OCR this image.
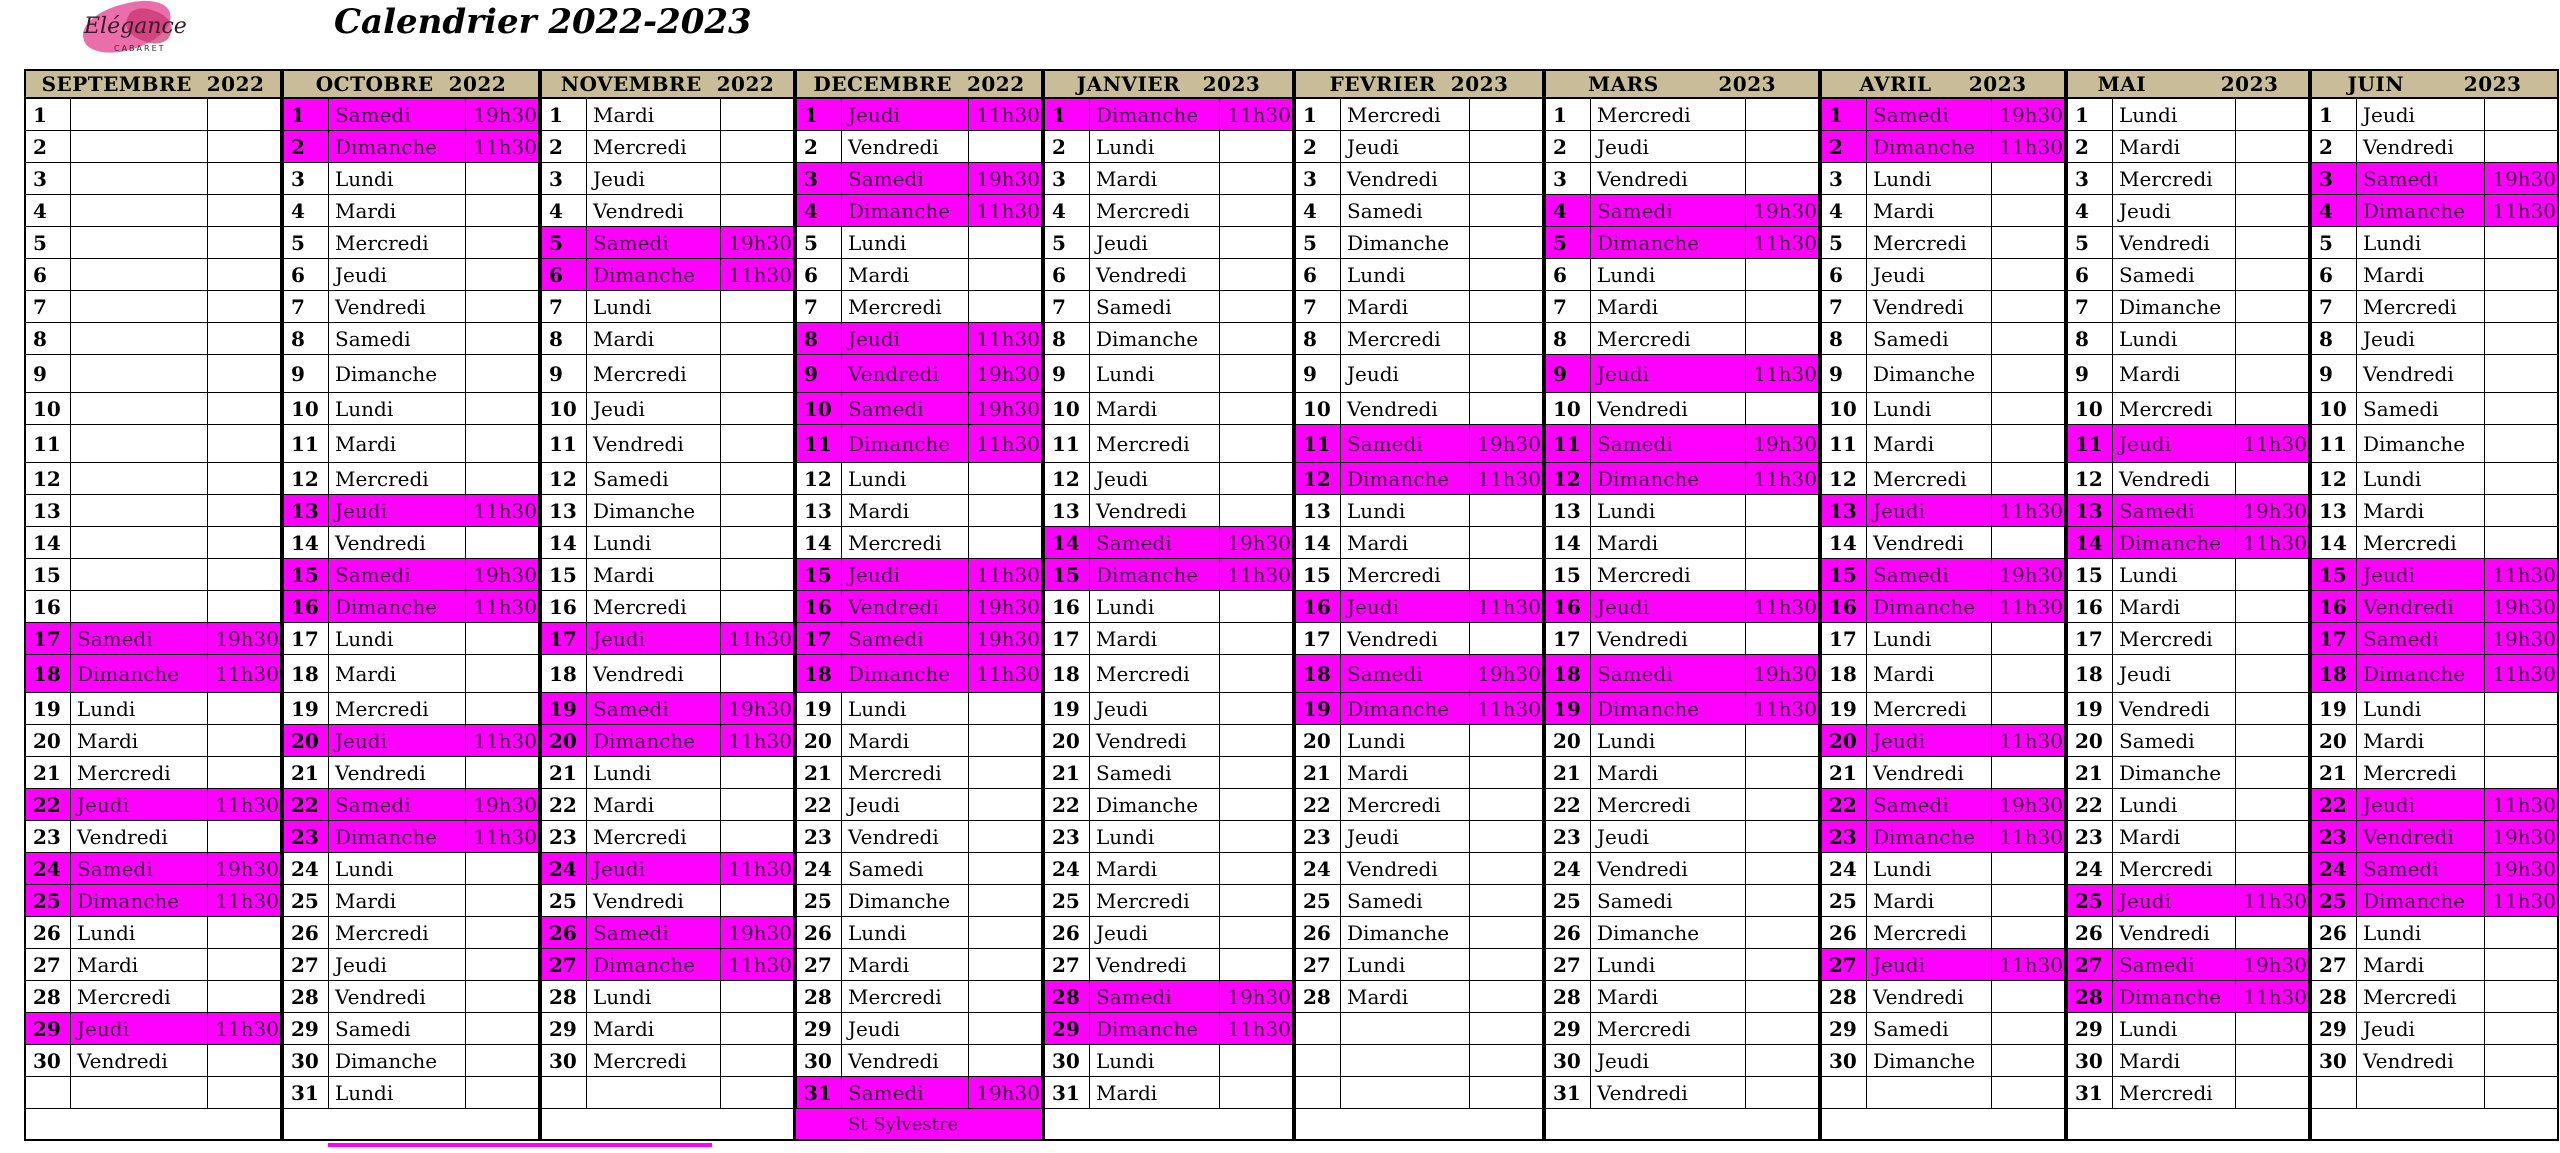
Elégance
CABARET
Calendrier 2022-2023
SEPTEMBRE  2022
1
2
3
4
5
6
7
8
9
10
11
12
13
14
15
16
17 Samedi	19h30
18 Dimanche	11h30
19 Lundi
20 Mardi
21 Mercredi
22 Jeudi	11h30
23 Vendredi
24 Samedi	19h30
25 Dimanche	11h30
26 Lundi
27 Mardi
28 Mercredi
29 Jeudi	11h30
30 Vendredi
OCTOBRE  2022
1	Samedi	19h30
2	Dimanche	11h30
3	Lundi
4	Mardi
5	Mercredi
6	Jeudi
7	Vendredi
8	Samedi
9	Dimanche
10 Lundi
11 Mardi
12 Mercredi
13 Jeudi	11h30
14 Vendredi
15 Samedi	19h30
16 Dimanche	11h30
17 Lundi
18 Mardi
19 Mercredi
20 Jeudi	11h30
21 Vendredi
22 Samedi	19h30
23 Dimanche	11h30
24 Lundi
25 Mardi
26 Mercredi
27 Jeudi
28 Vendredi
29 Samedi
30 Dimanche
31 Lundi
NOVEMBRE  2022
1	Mardi
2	Mercredi
3	Jeudi
4	Vendredi
5	Samedi	19h30
6	Dimanche	11h30
7	Lundi
8	Mardi
9	Mercredi
10 Jeudi
11 Vendredi
12 Samedi
13 Dimanche
14 Lundi
15 Mardi
16 Mercredi
17 Jeudi	11h30
18 Vendredi
19 Samedi	19h30
20 Dimanche	11h30
21 Lundi
22 Mardi
23 Mercredi
24 Jeudi	11h30
25 Vendredi
26 Samedi	19h30
27 Dimanche	11h30
28 Lundi
29 Mardi
30 Mercredi
DECEMBRE  2022
1	Jeudi	11h30
2	Vendredi
3	Samedi	19h30
4	Dimanche	11h30
5	Lundi
6	Mardi
7	Mercredi
8	Jeudi	11h30
9	Vendredi	19h30
10 Samedi	19h30
11 Dimanche	11h30
12 Lundi
13 Mardi
14 Mercredi
15 Jeudi	11h30
16 Vendredi	19h30
17 Samedi	19h30
18 Dimanche	11h30
19 Lundi
20 Mardi
21 Mercredi
22 Jeudi
23 Vendredi
24 Samedi
25 Dimanche
26 Lundi
27 Mardi
28 Mercredi
29 Jeudi
30 Vendredi
31 Samedi	19h30
St Sylvestre
JANVIER   2023
1	Dimanche	11h30
2	Lundi
3	Mardi
4	Mercredi
5	Jeudi
6	Vendredi
7	Samedi
8	Dimanche
9	Lundi
10 Mardi
11 Mercredi
12 Jeudi
13 Vendredi
14 Samedi	19h30
15 Dimanche	11h30
16 Lundi
17 Mardi
18 Mercredi
19 Jeudi
20 Vendredi
21 Samedi
22 Dimanche
23 Lundi
24 Mardi
25 Mercredi
26 Jeudi
27 Vendredi
28 Samedi	19h30
29 Dimanche	11h30
30 Lundi
31 Mardi
FEVRIER  2023
1	Mercredi
2	Jeudi
3	Vendredi
4	Samedi
5	Dimanche
6	Lundi
7	Mardi
8	Mercredi
9	Jeudi
10 Vendredi
11 Samedi	19h30
12 Dimanche	11h30
13 Lundi
14 Mardi
15 Mercredi
16 Jeudi	11h30
17 Vendredi
18 Samedi	19h30
19 Dimanche	11h30
20 Lundi
21 Mardi
22 Mercredi
23 Jeudi
24 Vendredi
25 Samedi
26 Dimanche
27 Lundi
28 Mardi
MARS        2023
1	Mercredi
2	Jeudi
3	Vendredi
4	Samedi	19h30
5	Dimanche	11h30
6	Lundi
7	Mardi
8	Mercredi
9	Jeudi	11h30
10 Vendredi
11 Samedi	19h30
12 Dimanche	11h30
13 Lundi
14 Mardi
15 Mercredi
16 Jeudi	11h30
17 Vendredi
18 Samedi	19h30
19 Dimanche	11h30
20 Lundi
21 Mardi
22 Mercredi
23 Jeudi
24 Vendredi
25 Samedi
26 Dimanche
27 Lundi
28 Mardi
29 Mercredi
30 Jeudi
31 Vendredi
AVRIL     2023
1	Samedi	19h30
2	Dimanche	11h30
3	Lundi
4	Mardi
5	Mercredi
6	Jeudi
7	Vendredi
8	Samedi
9	Dimanche
10 Lundi
11 Mardi
12 Mercredi
13 Jeudi	11h30
14 Vendredi
15 Samedi	19h30
16 Dimanche	11h30
17 Lundi
18 Mardi
19 Mercredi
20 Jeudi	11h30
21 Vendredi
22 Samedi	19h30
23 Dimanche	11h30
24 Lundi
25 Mardi
26 Mercredi
27 Jeudi	11h30
28 Vendredi
29 Samedi
30 Dimanche
MAI          2023
1	Lundi
2	Mardi
3	Mercredi
4	Jeudi
5	Vendredi
6	Samedi
7	Dimanche
8	Lundi
9	Mardi
10 Mercredi
11 Jeudi	11h30
12 Vendredi
13 Samedi	19h30
14 Dimanche	11h30
15 Lundi
16 Mardi
17 Mercredi
18 Jeudi
19 Vendredi
20 Samedi
21 Dimanche
22 Lundi
23 Mardi
24 Mercredi
25 Jeudi	11h30
26 Vendredi
27 Samedi	19h30
28 Dimanche	11h30
29 Lundi
30 Mardi
31 Mercredi
JUIN        2023
1	Jeudi
2	Vendredi
3	Samedi	19h30
4	Dimanche	11h30
5	Lundi
6	Mardi
7	Mercredi
8	Jeudi
9	Vendredi
10 Samedi
11 Dimanche
12 Lundi
13 Mardi
14 Mercredi
15 Jeudi	11h30
16 Vendredi	19h30
17 Samedi	19h30
18 Dimanche	11h30
19 Lundi
20 Mardi
21 Mercredi
22 Jeudi	11h30
23 Vendredi	19h30
24 Samedi	19h30
25 Dimanche	11h30
26 Lundi
27 Mardi
28 Mercredi
29 Jeudi
30 Vendredi
